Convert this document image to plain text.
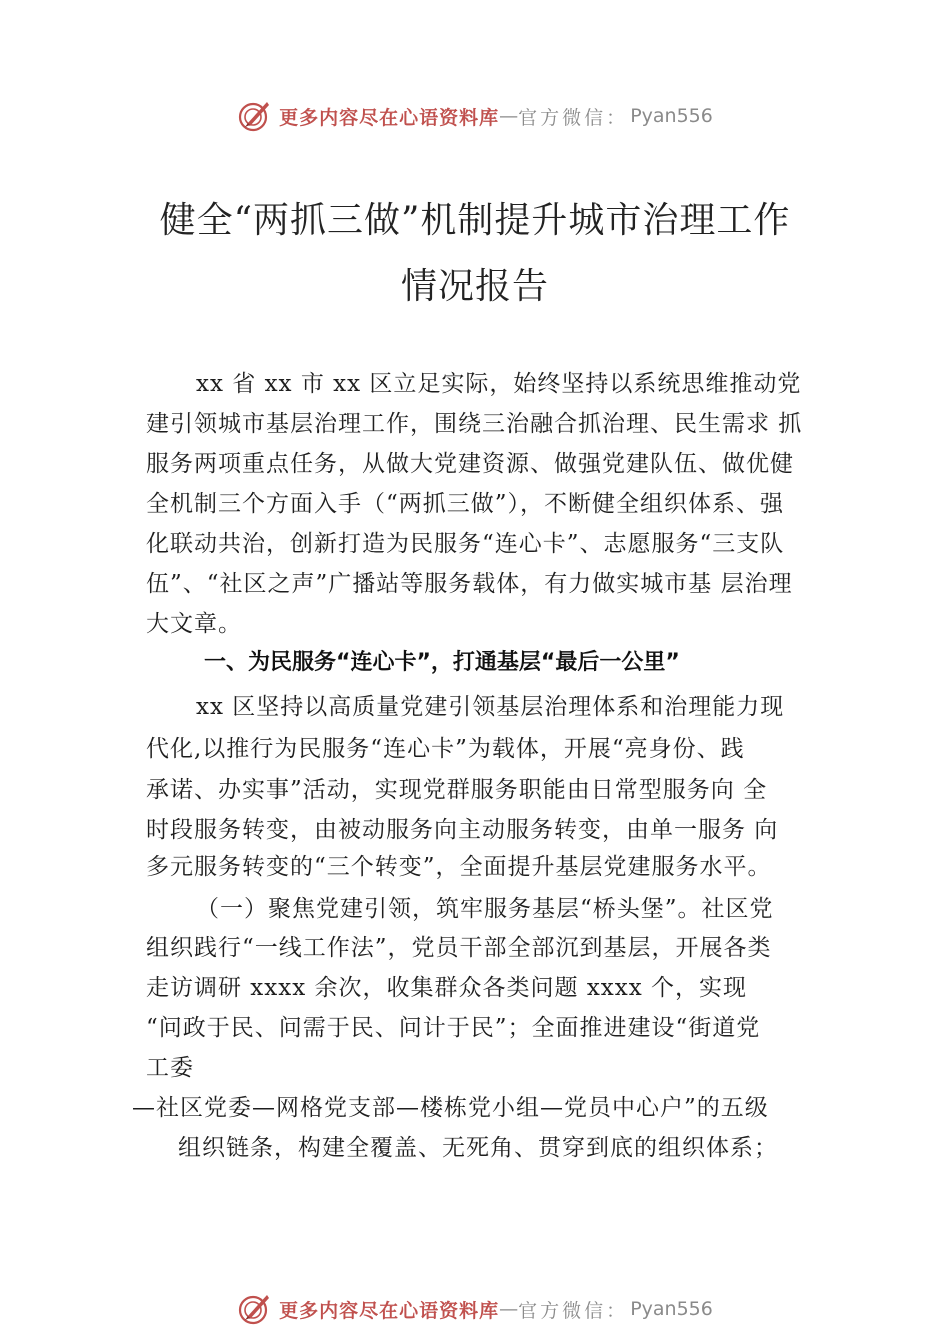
更多内容尽在心语资料库 — 官方微信： Pyan556
健全“两抓三做”机制提升城市治理工作
情况报告
xx 省 xx 市 xx 区立足实际，始终坚持以系统思维推动党
建引领城市基层治理工作，围绕三治融合抓治理、民生需求 抓
服务两项重点任务，从做大党建资源、做强党建队伍、做优健
全机制三个方面入手（“两抓三做”），不断健全组织体系、强
化联动共治，创新打造为民服务“连心卡”、志愿服务“三支队
伍”、“社区之声”广播站等服务载体，有力做实城市基 层治理
大文章。
一、为民服务“连心卡”，打通基层“最后一公里”
xx 区坚持以高质量党建引领基层治理体系和治理能力现
代化,以推行为民服务“连心卡”为载体，开展“亮身份、践
承诺、办实事”活动，实现党群服务职能由日常型服务向 全
时段服务转变，由被动服务向主动服务转变，由单一服务 向
多元服务转变的“三个转变”，全面提升基层党建服务水平。
（一）聚焦党建引领，筑牢服务基层“桥头堡”。社区党
组织践行“一线工作法”，党员干部全部沉到基层，开展各类
走访调研 xxxx 余次，收集群众各类问题 xxxx 个，实现
“问政于民、问需于民、问计于民”；全面推进建设“街道党
工委
—社区党委—网格党支部—楼栋党小组—党员中心户”的五级
组织链条，构建全覆盖、无死角、贯穿到底的组织体系；
更多内容尽在心语资料库 — 官方微信： Pyan556
